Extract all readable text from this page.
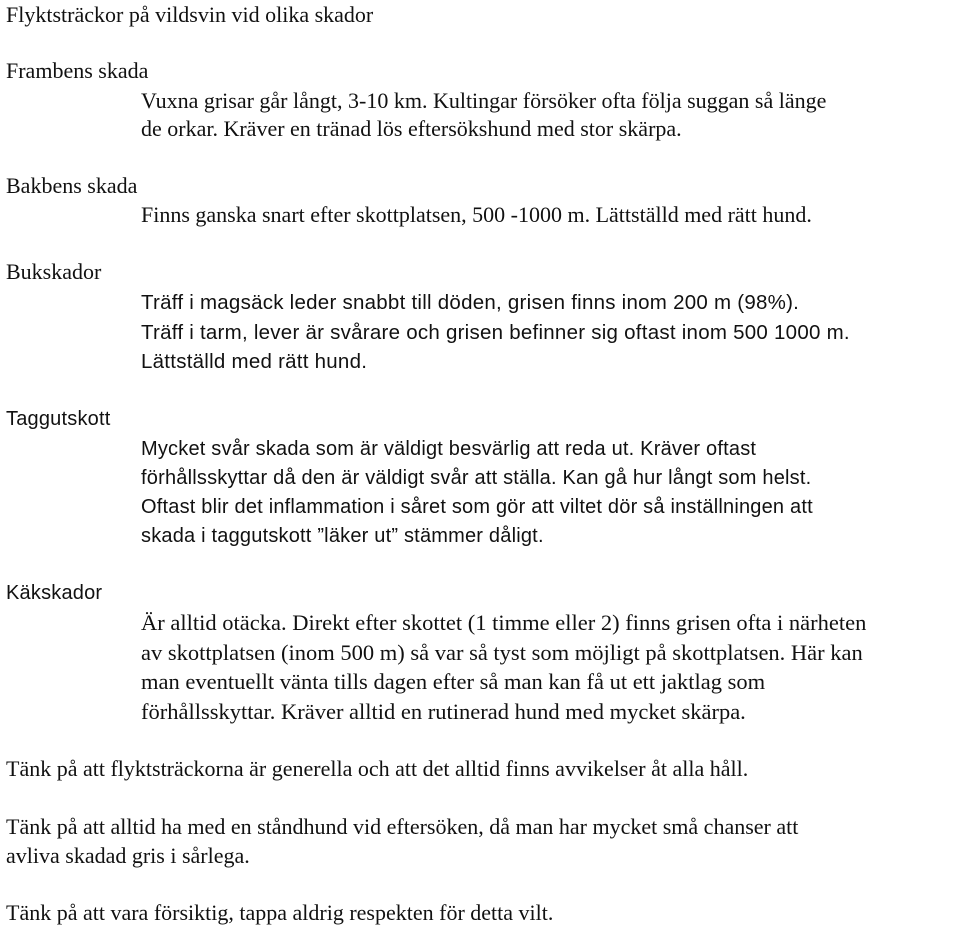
Flyktsträckor på vildsvin vid olika skador
Frambens skada
Vuxna grisar går långt, 3-10 km. Kultingar försöker ofta följa suggan så länge
de orkar. Kräver en tränad lös eftersökshund med stor skärpa.
Bakbens skada
Finns ganska snart efter skottplatsen, 500 -1000 m. Lättställd med rätt hund.
Bukskador
Träff i magsäck leder snabbt till döden, grisen finns inom 200 m (98%).
Träff i tarm, lever är svårare och grisen befinner sig oftast inom 500 1000 m.
Lättställd med rätt hund.
Taggutskott
Mycket svår skada som är väldigt besvärlig att reda ut. Kräver oftast
förhållsskyttar då den är väldigt svår att ställa. Kan gå hur långt som helst.
Oftast blir det inflammation i såret som gör att viltet dör så inställningen att
skada i taggutskott ”läker ut” stämmer dåligt.
Käkskador
Är alltid otäcka. Direkt efter skottet (1 timme eller 2) finns grisen ofta i närheten
av skottplatsen (inom 500 m) så var så tyst som möjligt på skottplatsen. Här kan
man eventuellt vänta tills dagen efter så man kan få ut ett jaktlag som
förhållsskyttar. Kräver alltid en rutinerad hund med mycket skärpa.
Tänk på att flyktsträckorna är generella och att det alltid finns avvikelser åt alla håll.
Tänk på att alltid ha med en ståndhund vid eftersöken, då man har mycket små chanser att
avliva skadad gris i sårlega.
Tänk på att vara försiktig, tappa aldrig respekten för detta vilt.
